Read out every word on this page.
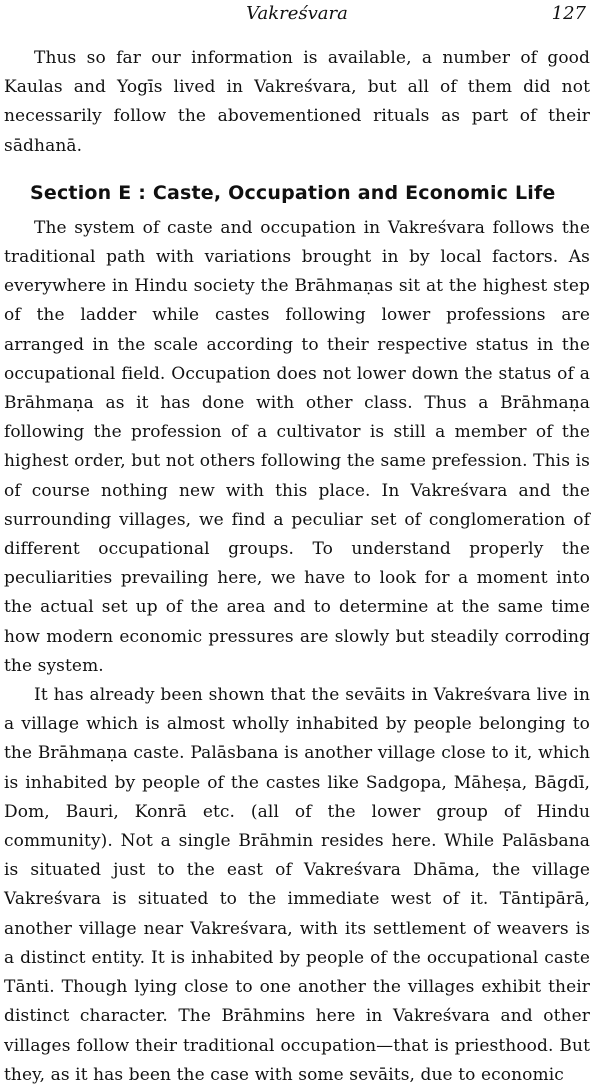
Vakreśvara	127

Thus so far our information is available, a number of good Kaulas and Yogīs lived in Vakreśvara, but all of them did not necessarily follow the abovementioned rituals as part of their sādhanā.

Section E : Caste, Occupation and Economic Life

The system of caste and occupation in Vakreśvara follows the traditional path with variations brought in by local factors. As everywhere in Hindu society the Brāhmaṇas sit at the highest step of the ladder while castes following lower professions are arranged in the scale according to their respective status in the occupational field. Occupation does not lower down the status of a Brāhmaṇa as it has done with other class. Thus a Brāhmaṇa following the profession of a cultivator is still a member of the highest order, but not others following the same prefession. This is of course nothing new with this place. In Vakreśvara and the surrounding villages, we find a peculiar set of conglomeration of different occupational groups. To understand properly the peculiarities prevailing here, we have to look for a moment into the actual set up of the area and to determine at the same time how modern economic pressures are slowly but steadily corroding the system.

It has already been shown that the sevāits in Vakreśvara live in a village which is almost wholly inhabited by people belonging to the Brāhmaṇa caste. Palāsbana is another village close to it, which is inhabited by people of the castes like Sadgopa, Māheṣa, Bāgdī, Dom, Bauri, Konrā etc. (all of the lower group of Hindu community). Not a single Brāhmin resides here. While Palāsbana is situated just to the east of Vakreśvara Dhāma, the village Vakreśvara is situated to the immediate west of it. Tāntipārā, another village near Vakreśvara, with its settlement of weavers is a distinct entity. It is inhabited by people of the occupational caste Tānti. Though lying close to one another the villages exhibit their distinct character. The Brāhmins here in Vakreśvara and other villages follow their traditional occupation—that is priesthood. But they, as it has been the case with some sevāits, due to economic
